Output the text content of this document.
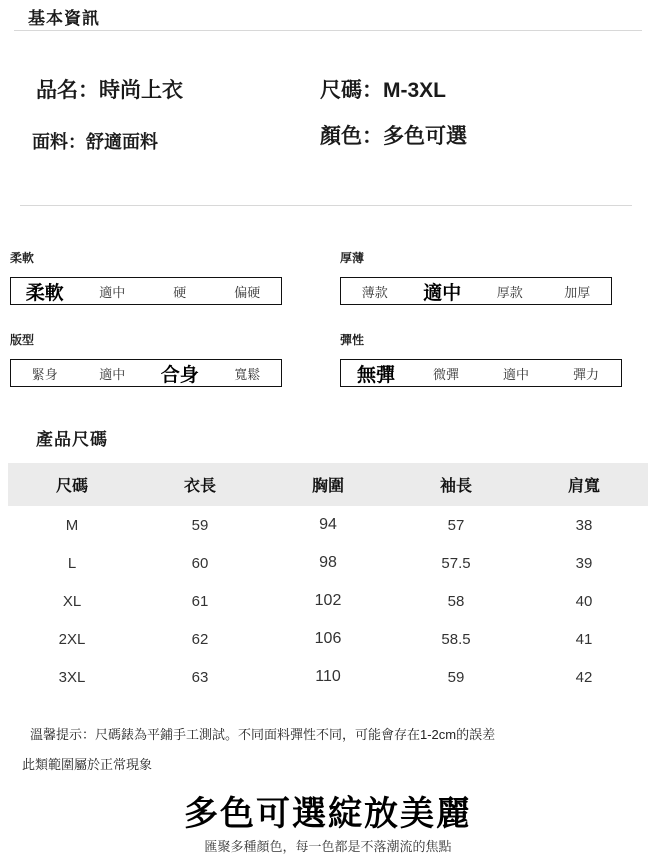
基本資訊
品名：時尚上衣	尺碼：M-3XL
面料：舒適面料	顏色：多色可選
柔軟
柔軟	適中	硬	偏硬
厚薄
薄款	適中	厚款	加厚
版型
緊身	適中	合身	寬鬆
彈性
無彈	微彈	適中	彈力
產品尺碼
尺碼	衣長	胸圍	袖長	肩寬
M	59	94	57	38
L	60	98	57.5	39
XL	61	102	58	40
2XL	62	106	58.5	41
3XL	63	110	59	42
溫馨提示：尺碼錶為平鋪手工測試。不同面料彈性不同，可能會存在1-2cm的誤差
此類範圍屬於正常現象
多色可選綻放美麗
匯聚多種顏色，每一色都是不落潮流的焦點
